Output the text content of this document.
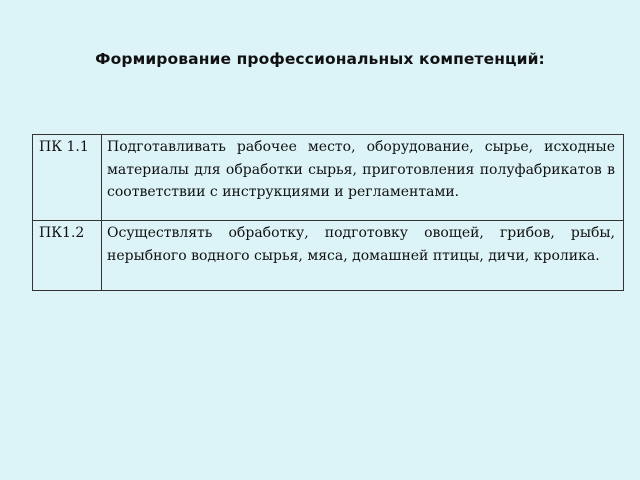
Формирование профессиональных компетенций:
ПК 1.1	Подготавливать рабочее место, оборудование, сырье, исходные материалы для обработки сырья, приготовления полуфабрикатов в соответствии с инструкциями и регламентами.
ПК1.2	Осуществлять обработку, подготовку овощей, грибов, рыбы, нерыбного водного сырья, мяса, домашней птицы, дичи, кролика.
